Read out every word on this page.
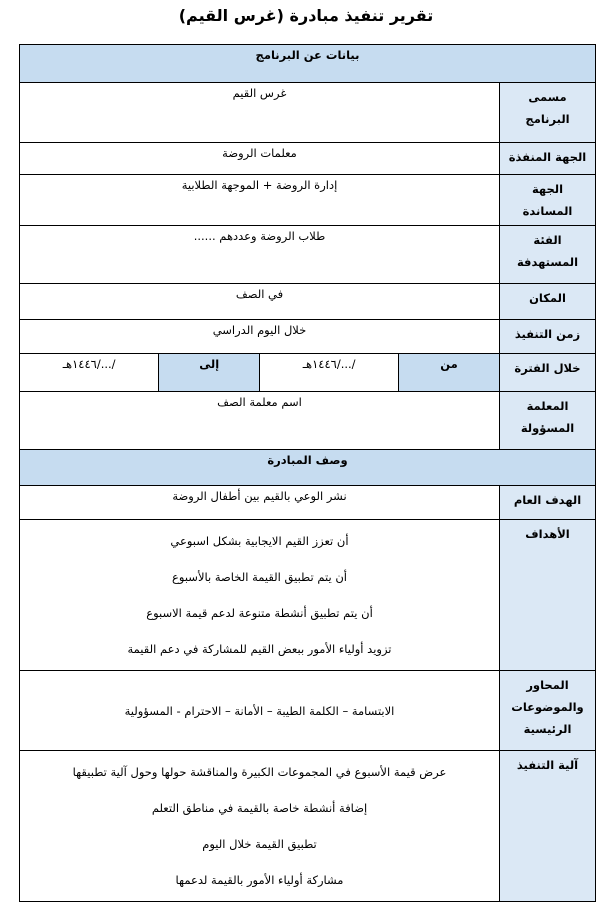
تقرير تنفيذ مبادرة (غرس القيم)
بيانات عن البرنامج
مسمى البرنامج	غرس القيم
الجهة المنفذة	معلمات الروضة
الجهة المساندة	إدارة الروضة + الموجهة الطلابية
الفئة المستهدفة	طلاب الروضة وعددهم ......
المكان	في الصف
زمن التنفيذ	خلال اليوم الدراسي
خلال الفترة	
من	/.../١٤٤٦هـ	إلى	/.../١٤٤٦هـ

المعلمة المسؤولة	اسم معلمة الصف
وصف المبادرة
الهدف العام	نشر الوعي بالقيم بين أطفال الروضة
الأهداف	
أن تعزز القيم الايجابية بشكل اسبوعي
أن يتم تطبيق القيمة الخاصة بالأسبوع
أن يتم تطبيق أنشطة متنوعة لدعم قيمة الاسبوع
تزويد أولياء الأمور ببعض القيم للمشاركة في دعم القيمة

المحاور والموضوعات الرئيسية	الابتسامة – الكلمة الطيبة – الأمانة – الاحترام - المسؤولية
آلية التنفيذ	
عرض قيمة الأسبوع في المجموعات الكبيرة والمناقشة حولها وحول آلية تطبيقها
إضافة أنشطة خاصة بالقيمة في مناطق التعلم
تطبيق القيمة خلال اليوم
مشاركة أولياء الأمور بالقيمة لدعمها
